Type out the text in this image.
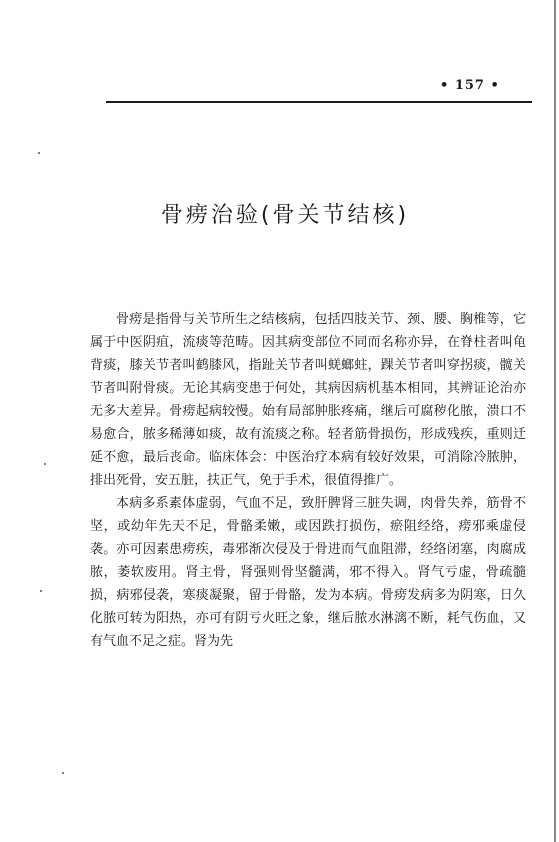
• 157 •
骨痨治验(骨关节结核)

骨痨是指骨与关节所生之结核病，包括四肢关节、颈、腰、胸椎等，它属于中医阴疽，流痰等范畴。因其病变部位不同而名称亦异，在脊柱者叫龟背痰，膝关节者叫鹤膝风，指趾关节者叫蜣螂蛀，踝关节者叫穿拐痰，髋关节者叫附骨痰。无论其病变患于何处，其病因病机基本相同，其辨证论治亦无多大差异。骨痨起病较慢。始有局部肿胀疼痛，继后可腐秽化脓，溃口不易愈合，脓多稀薄如痰，故有流痰之称。轻者筋骨损伤，形成残疾，重则迁延不愈，最后丧命。临床体会：中医治疗本病有较好效果，可消除冷脓肿，排出死骨，安五脏，扶正气，免于手术，很值得推广。

本病多系素体虚弱，气血不足，致肝脾肾三脏失调，肉骨失养，筋骨不坚，或幼年先天不足，骨骼柔嫩，或因跌打损伤，瘀阻经络，痨邪乘虚侵袭。亦可因素患痨疾，毒邪渐次侵及于骨进而气血阻滞，经络闭塞，肉腐成脓，萎软废用。肾主骨，肾强则骨坚髓满，邪不得入。肾气亏虚，骨疏髓损，病邪侵袭，寒痰凝聚，留于骨骼，发为本病。骨痨发病多为阴寒，日久化脓可转为阳热，亦可有阴亏火旺之象，继后脓水淋漓不断，耗气伤血，又有气血不足之症。肾为先
